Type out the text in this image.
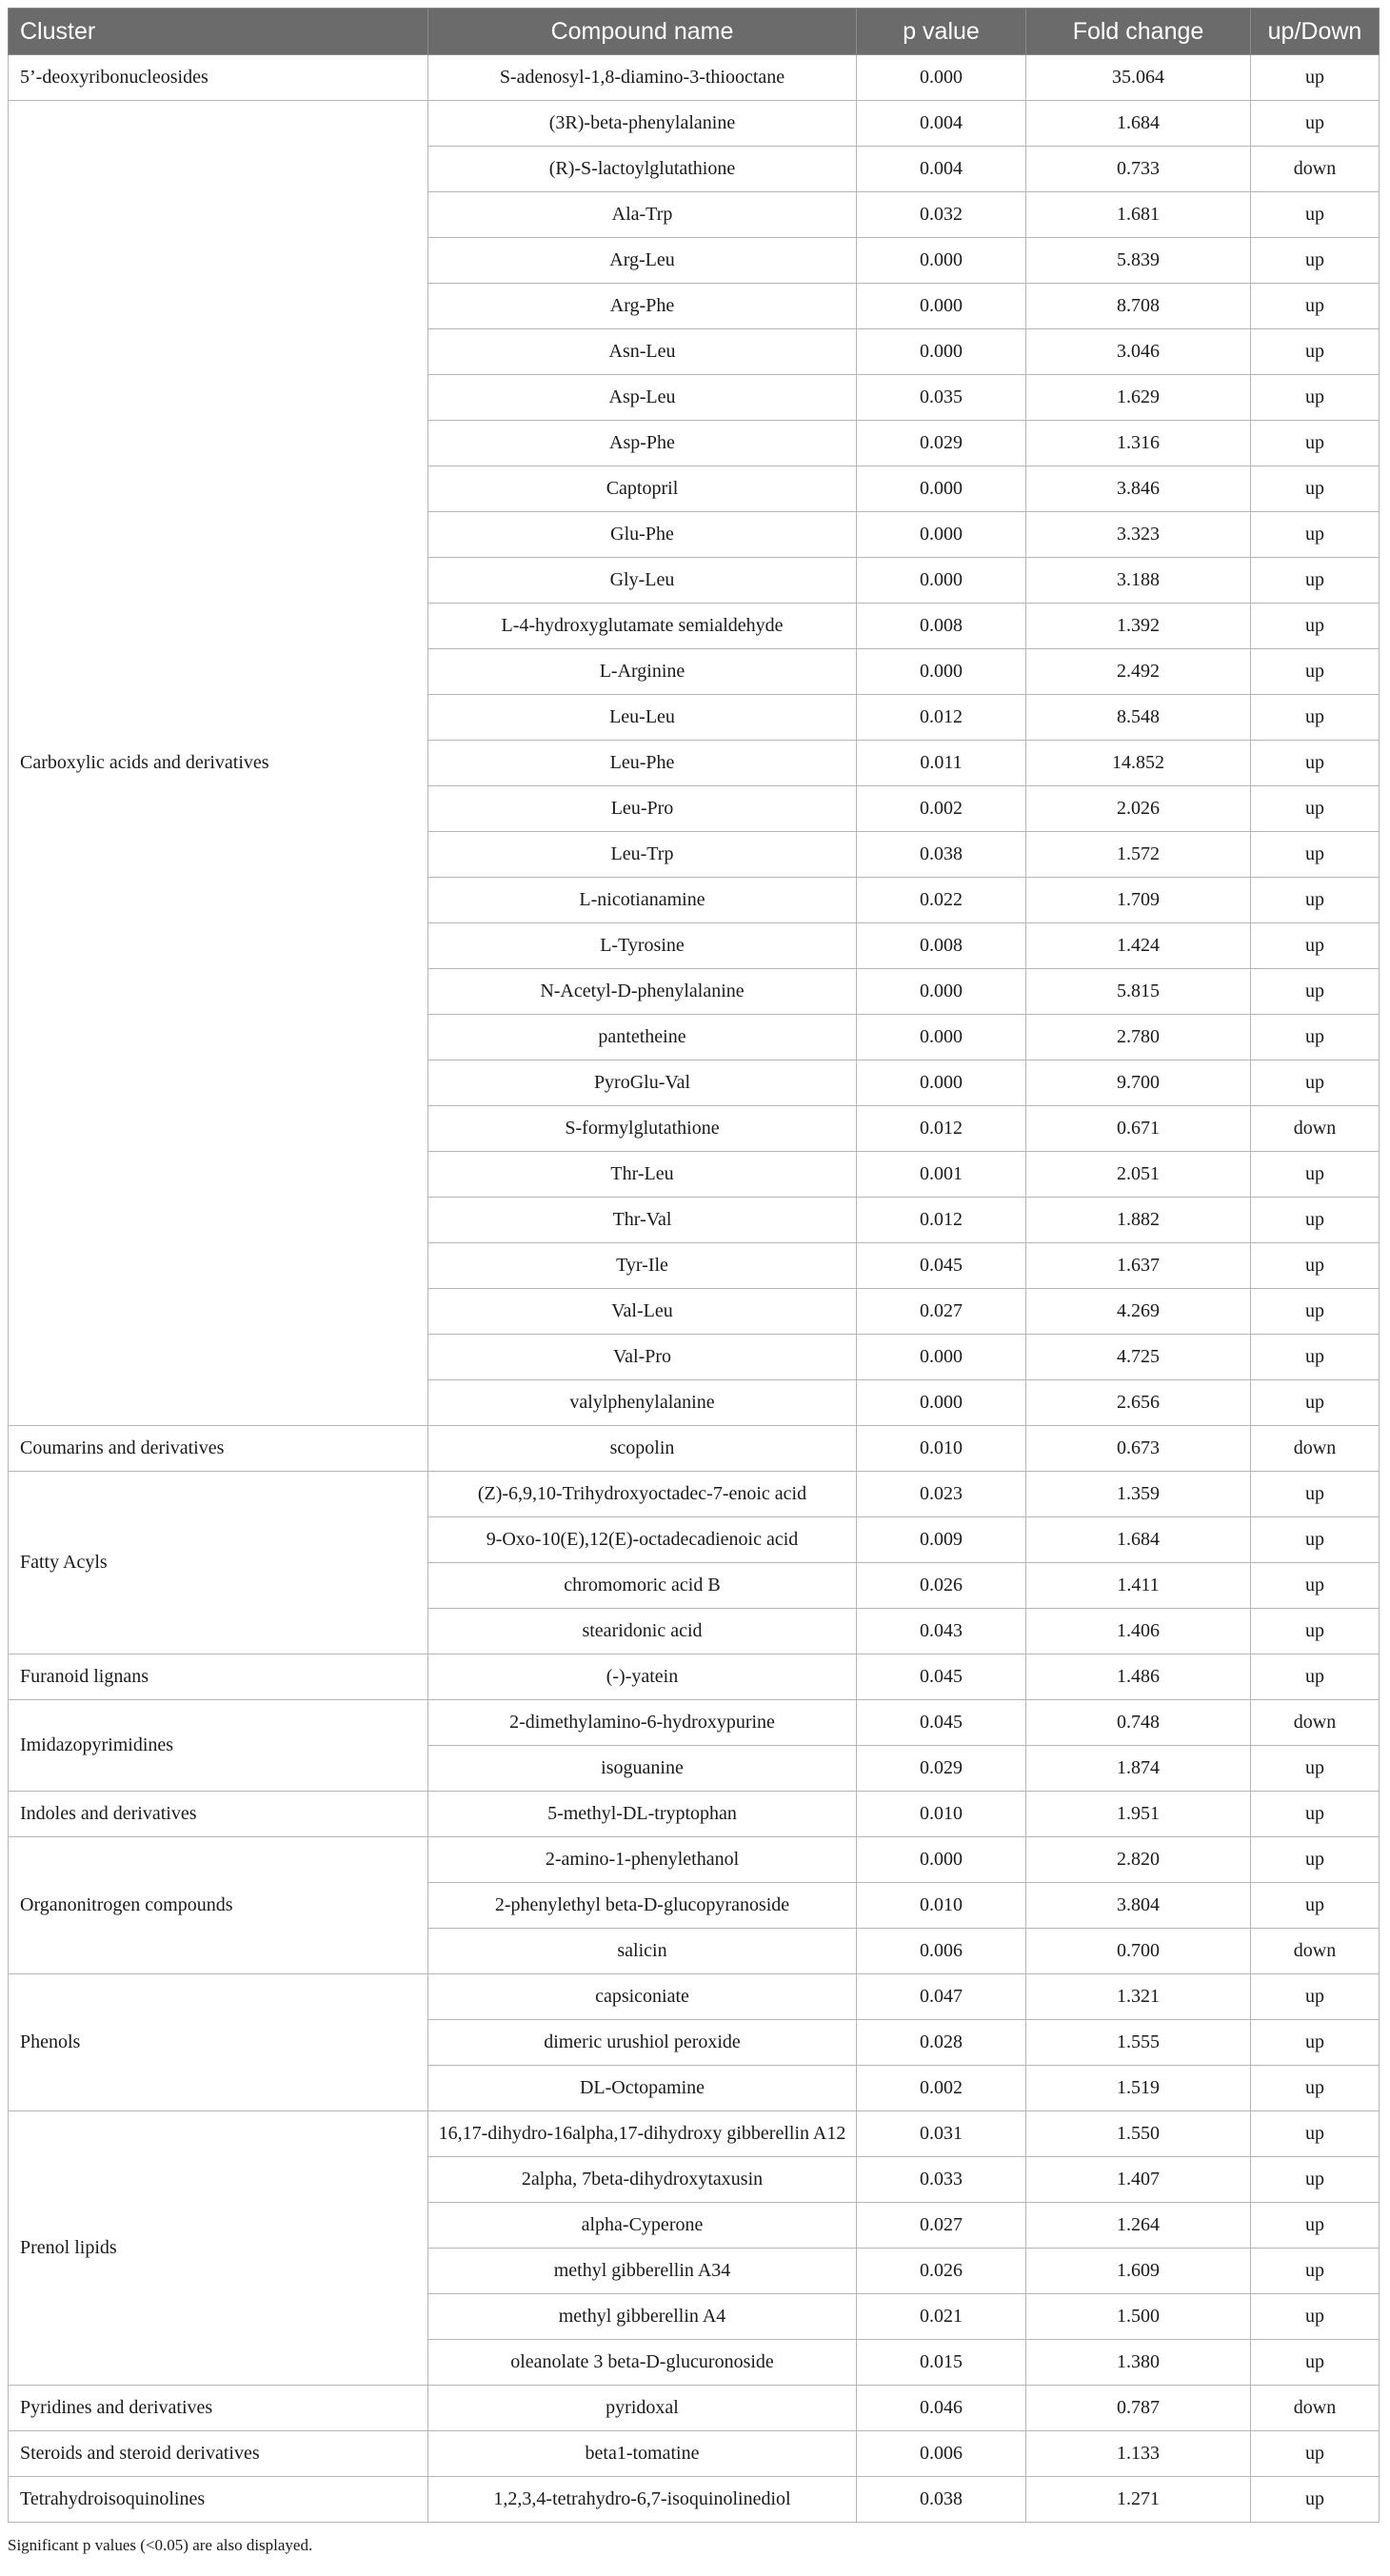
Cluster	Compound name	p value	Fold change	up/Down
5’-deoxyribonucleosides	S-adenosyl-1,8-diamino-3-thiooctane	0.000	35.064	up
Carboxylic acids and derivatives	(3R)-beta-phenylalanine	0.004	1.684	up
	(R)-S-lactoylglutathione	0.004	0.733	down
	Ala-Trp	0.032	1.681	up
	Arg-Leu	0.000	5.839	up
	Arg-Phe	0.000	8.708	up
	Asn-Leu	0.000	3.046	up
	Asp-Leu	0.035	1.629	up
	Asp-Phe	0.029	1.316	up
	Captopril	0.000	3.846	up
	Glu-Phe	0.000	3.323	up
	Gly-Leu	0.000	3.188	up
	L-4-hydroxyglutamate semialdehyde	0.008	1.392	up
	L-Arginine	0.000	2.492	up
	Leu-Leu	0.012	8.548	up
	Leu-Phe	0.011	14.852	up
	Leu-Pro	0.002	2.026	up
	Leu-Trp	0.038	1.572	up
	L-nicotianamine	0.022	1.709	up
	L-Tyrosine	0.008	1.424	up
	N-Acetyl-D-phenylalanine	0.000	5.815	up
	pantetheine	0.000	2.780	up
	PyroGlu-Val	0.000	9.700	up
	S-formylglutathione	0.012	0.671	down
	Thr-Leu	0.001	2.051	up
	Thr-Val	0.012	1.882	up
	Tyr-Ile	0.045	1.637	up
	Val-Leu	0.027	4.269	up
	Val-Pro	0.000	4.725	up
	valylphenylalanine	0.000	2.656	up
Coumarins and derivatives	scopolin	0.010	0.673	down
Fatty Acyls	(Z)-6,9,10-Trihydroxyoctadec-7-enoic acid	0.023	1.359	up
	9-Oxo-10(E),12(E)-octadecadienoic acid	0.009	1.684	up
	chromomoric acid B	0.026	1.411	up
	stearidonic acid	0.043	1.406	up
Furanoid lignans	(-)-yatein	0.045	1.486	up
Imidazopyrimidines	2-dimethylamino-6-hydroxypurine	0.045	0.748	down
	isoguanine	0.029	1.874	up
Indoles and derivatives	5-methyl-DL-tryptophan	0.010	1.951	up
Organonitrogen compounds	2-amino-1-phenylethanol	0.000	2.820	up
	2-phenylethyl beta-D-glucopyranoside	0.010	3.804	up
	salicin	0.006	0.700	down
Phenols	capsiconiate	0.047	1.321	up
	dimeric urushiol peroxide	0.028	1.555	up
	DL-Octopamine	0.002	1.519	up
Prenol lipids	16,17-dihydro-16alpha,17-dihydroxy gibberellin A12	0.031	1.550	up
	2alpha, 7beta-dihydroxytaxusin	0.033	1.407	up
	alpha-Cyperone	0.027	1.264	up
	methyl gibberellin A34	0.026	1.609	up
	methyl gibberellin A4	0.021	1.500	up
	oleanolate 3 beta-D-glucuronoside	0.015	1.380	up
Pyridines and derivatives	pyridoxal	0.046	0.787	down
Steroids and steroid derivatives	beta1-tomatine	0.006	1.133	up
Tetrahydroisoquinolines	1,2,3,4-tetrahydro-6,7-isoquinolinediol	0.038	1.271	up
Significant p values (<0.05) are also displayed.
